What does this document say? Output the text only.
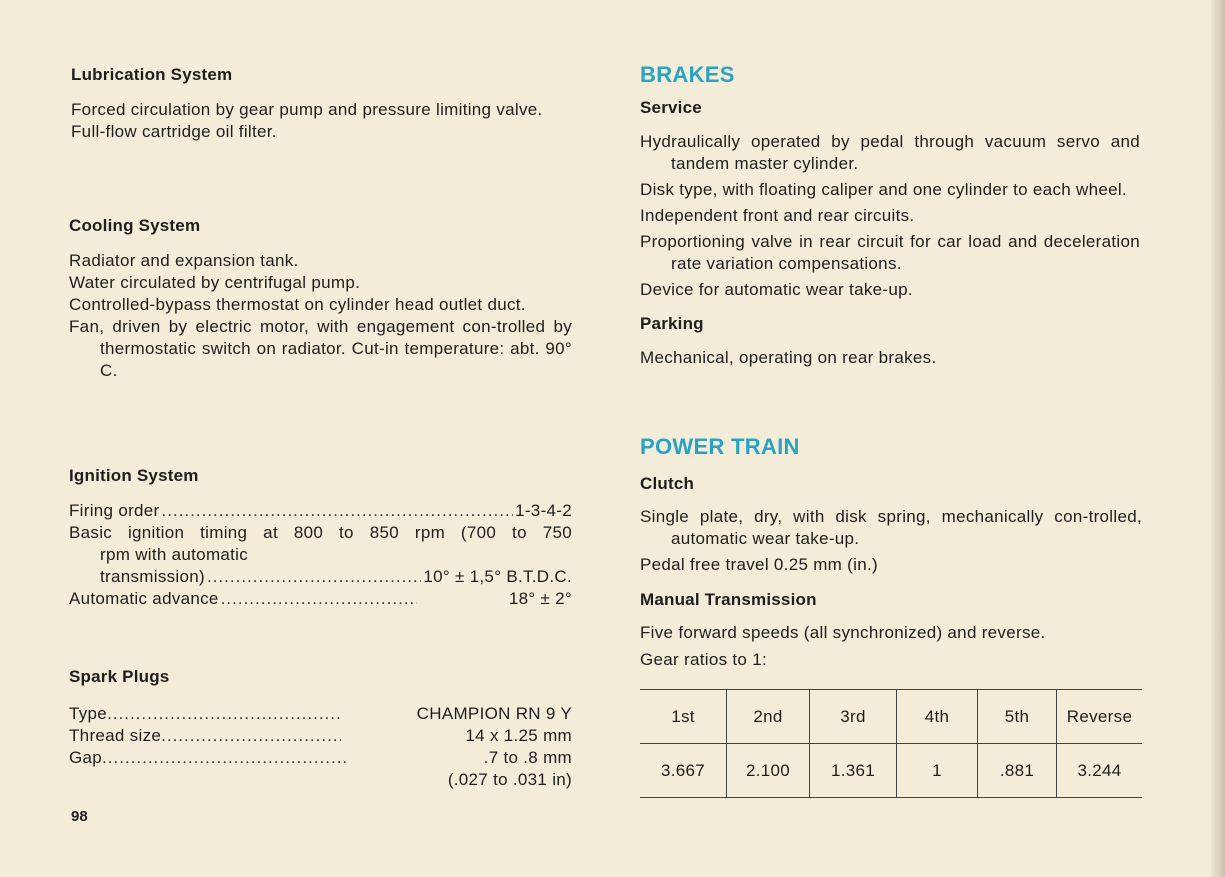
Lubrication System

Forced circulation by gear pump and pressure limiting valve.

Full-flow cartridge oil filter.

Cooling System

Radiator and expansion tank.

Water circulated by centrifugal pump.

Controlled-bypass thermostat on cylinder head outlet duct.

Fan, driven by electric motor, with engagement con-trolled by thermostatic switch on radiator. Cut-in temperature: abt. 90° C.

Ignition System
Firing order .....	1-3-4-2

Basic ignition timing at 800 to 850 rpm (700 to 750

rpm with automatic

transmission) .....	10° ± 1,5° B.T.D.C.
Automatic advance .....	18° ± 2°
Spark Plugs
Type .....	CHAMPION RN 9 Y
Thread size .....	14 x 1.25 mm
Gap .....	.7 to .8 mm
(.027 to .031 in)
98
BRAKES
Service

Hydraulically operated by pedal through vacuum servo and tandem master cylinder.

Disk type, with floating caliper and one cylinder to each wheel.

Independent front and rear circuits.

Proportioning valve in rear circuit for car load and deceleration rate variation compensations.

Device for automatic wear take-up.

Parking

Mechanical, operating on rear brakes.

POWER TRAIN
Clutch

Single plate, dry, with disk spring, mechanically con-trolled, automatic wear take-up.

Pedal free travel 0.25 mm (in.)

Manual Transmission

Five forward speeds (all synchronized) and reverse.

Gear ratios to 1:

1st	2nd	3rd	4th	5th	Reverse
3.667	2.100	1.361	1	.881	3.244
